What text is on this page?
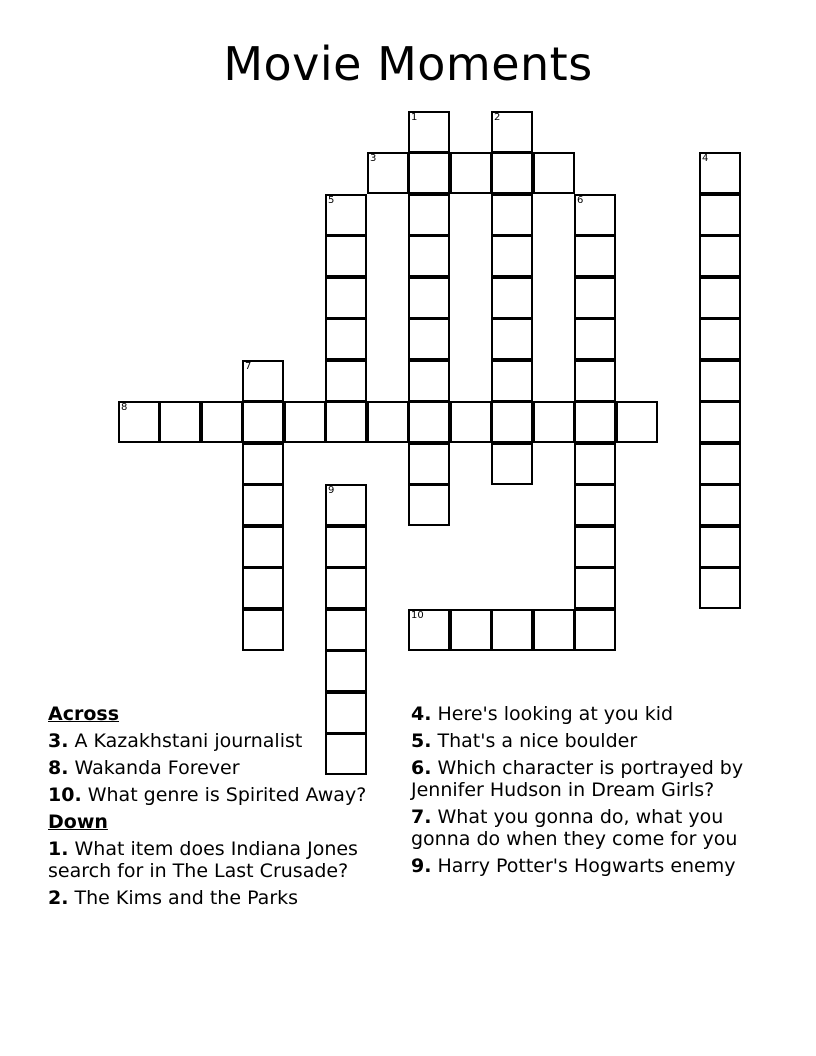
Movie Moments
8
1	2
3	4
5	6
7
9
10
Across
3. A Kazakhstani journalist
8. Wakanda Forever
10. What genre is Spirited Away?
Down
1. What item does Indiana Jones search for in The Last Crusade?
2. The Kims and the Parks
4. Here's looking at you kid
5. That's a nice boulder
6. Which character is portrayed by Jennifer Hudson in Dream Girls?
7. What you gonna do, what you gonna do when they come for you
9. Harry Potter's Hogwarts enemy
